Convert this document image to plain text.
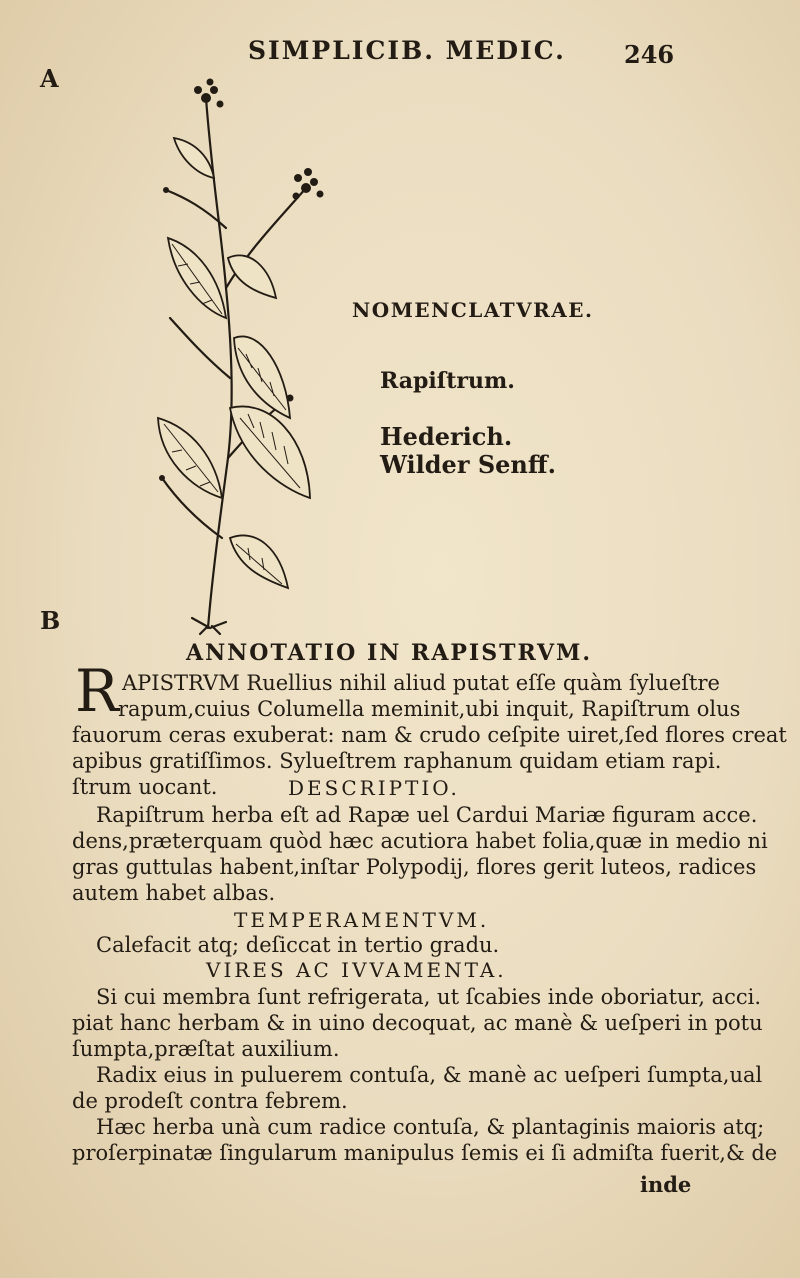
SIMPLICIB. MEDIC. 246
A
B
NOMENCLATVRAE.
Rapiſtrum.
Hederich.
Wilder Senff.
ANNOTATIO IN RAPISTRVM.
R APISTRVM Ruellius nihil aliud putat eſſe quàm ſylueſtre
rapum,cuius Columella meminit,ubi inquit, Rapiſtrum olus
fauorum ceras exuberat: nam & crudo ceſpite uiret,ſed flores creat
apibus gratiſſimos. Sylueſtrem raphanum quidam etiam rapi.
ſtrum uocant.	DESCRIPTIO.
Rapiſtrum herba eſt ad Rapæ uel Cardui Mariæ figuram acce.
dens,præterquam quòd hæc acutiora habet folia,quæ in medio ni
gras guttulas habent,inſtar Polypodij, flores gerit luteos, radices
autem habet albas.
TEMPERAMENTVM.
Calefacit atq; deſiccat in tertio gradu.
VIRES AC IVVAMENTA.
Si cui membra ſunt refrigerata, ut ſcabies inde oboriatur, acci.
piat hanc herbam & in uino decoquat, ac manè & ueſperi in potu
ſumpta,præſtat auxilium.
Radix eius in puluerem contuſa, & manè ac ueſperi ſumpta,ual
de prodeſt contra febrem.
Hæc herba unà cum radice contuſa, & plantaginis maioris atq;
proſerpinatæ ſingularum manipulus ſemis ei ſi admiſta fuerit,& de
inde
